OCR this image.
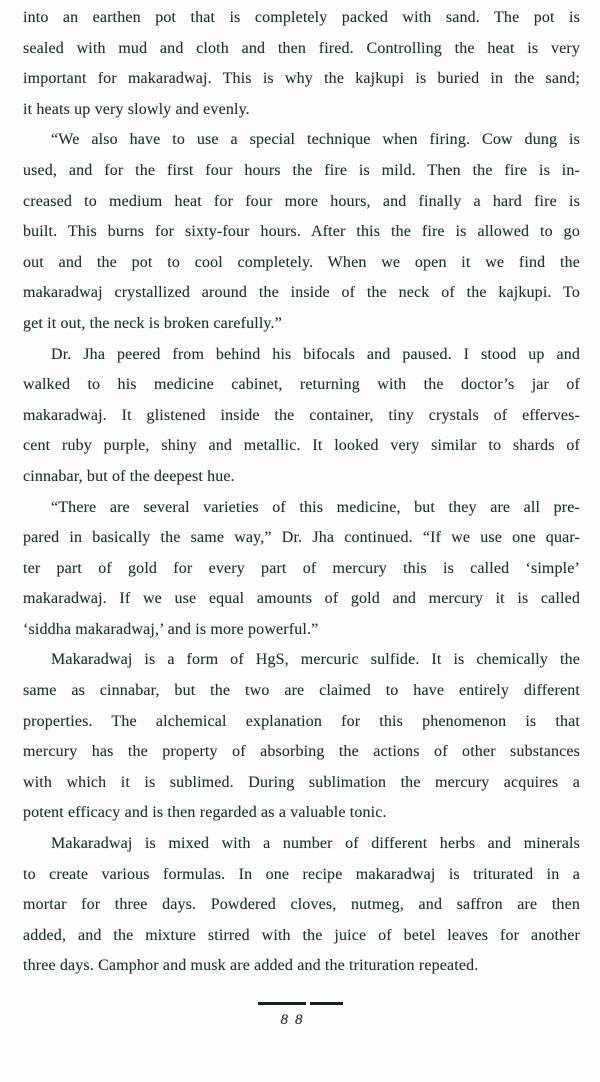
into an earthen pot that is completely packed with sand. The pot is
sealed with mud and cloth and then fired. Controlling the heat is very
important for makaradwaj. This is why the kajkupi is buried in the sand;
it heats up very slowly and evenly.
“We also have to use a special technique when firing. Cow dung is
used, and for the first four hours the fire is mild. Then the fire is in-
creased to medium heat for four more hours, and finally a hard fire is
built. This burns for sixty-four hours. After this the fire is allowed to go
out and the pot to cool completely. When we open it we find the
makaradwaj crystallized around the inside of the neck of the kajkupi. To
get it out, the neck is broken carefully.”
Dr. Jha peered from behind his bifocals and paused. I stood up and
walked to his medicine cabinet, returning with the doctor’s jar of
makaradwaj. It glistened inside the container, tiny crystals of efferves-
cent ruby purple, shiny and metallic. It looked very similar to shards of
cinnabar, but of the deepest hue.
“There are several varieties of this medicine, but they are all pre-
pared in basically the same way,” Dr. Jha continued. “If we use one quar-
ter part of gold for every part of mercury this is called ‘simple’
makaradwaj. If we use equal amounts of gold and mercury it is called
‘siddha makaradwaj,’ and is more powerful.”
Makaradwaj is a form of HgS, mercuric sulfide. It is chemically the
same as cinnabar, but the two are claimed to have entirely different
properties. The alchemical explanation for this phenomenon is that
mercury has the property of absorbing the actions of other substances
with which it is sublimed. During sublimation the mercury acquires a
potent efficacy and is then regarded as a valuable tonic.
Makaradwaj is mixed with a number of different herbs and minerals
to create various formulas. In one recipe makaradwaj is triturated in a
mortar for three days. Powdered cloves, nutmeg, and saffron are then
added, and the mixture stirred with the juice of betel leaves for another
three days. Camphor and musk are added and the trituration repeated.
88
